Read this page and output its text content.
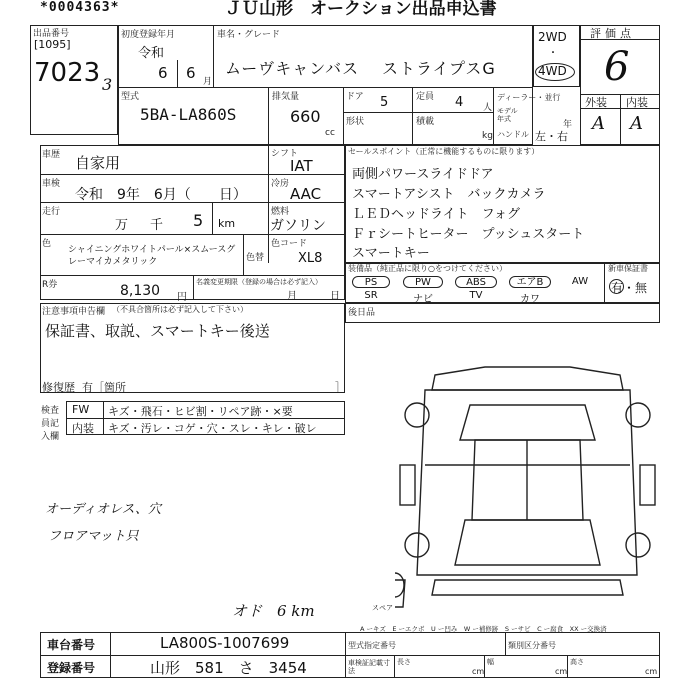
*0004363*	ＪＵ山形　オークション出品申込書
出品番号
[1095]
7023 3
初度登録年月
令和
6 6 月
車名・グレード
ムーヴキャンバス ストライプスG
型式
5BA-LA860S
排気量
660
cc
ドア 5	定員 4 人
形状	積載
kg
ディーラー・並行
モデル年式
年
ハンドル 左・右
2WD
・
4WD
評価点
6
外装 内装
A A
車歴 自家用	シフト
IAT
車検
令和　9年　6月（　　日）
冷房
AAC
走行
万 千 5 km
燃料
ガソリン
色
シャイニングホワイトパール×スムースグレーマイカメタリック	色替
色コード
XL8
R券	8,130 円
名義変更期限（登録の場合は必ず記入）
月	日
セールスポイント（正常に機能するものに限ります）
両側パワースライドドア
スマートアシスト　バックカメラ
ＬＥＤヘッドライト　フォグ
Ｆｒシートヒーター　プッシュスタート
スマートキー
装備品（純正品に限り○をつけてください）	新車保証書
PS	PW	ABS	エアB	AW
SR	ナビ	TV	カワ
有・無
注意事項申告欄 （不具合箇所は必ず記入して下さい）
保証書、取説、スマートキー後送
修復歴 有［箇所	］
後日品
検査員記入欄
FW キズ・飛石・ヒビ割・リペア跡・×要
内装 キズ・汚レ・コゲ・穴・スレ・キレ・破レ
オーディオレス、穴
フロアマット只
オド　6 km	スペア
A ーキズ　E ーエクボ　U ー凹み　W ー補修跡　S ーサビ　C ー腐食　XX ー交換済
車台番号	LA800S-1007699
登録番号	山形　581　さ　3454
型式指定番号	類別区分番号
車検証記載寸法
長さ
cm
幅
cm
高さ
cm
